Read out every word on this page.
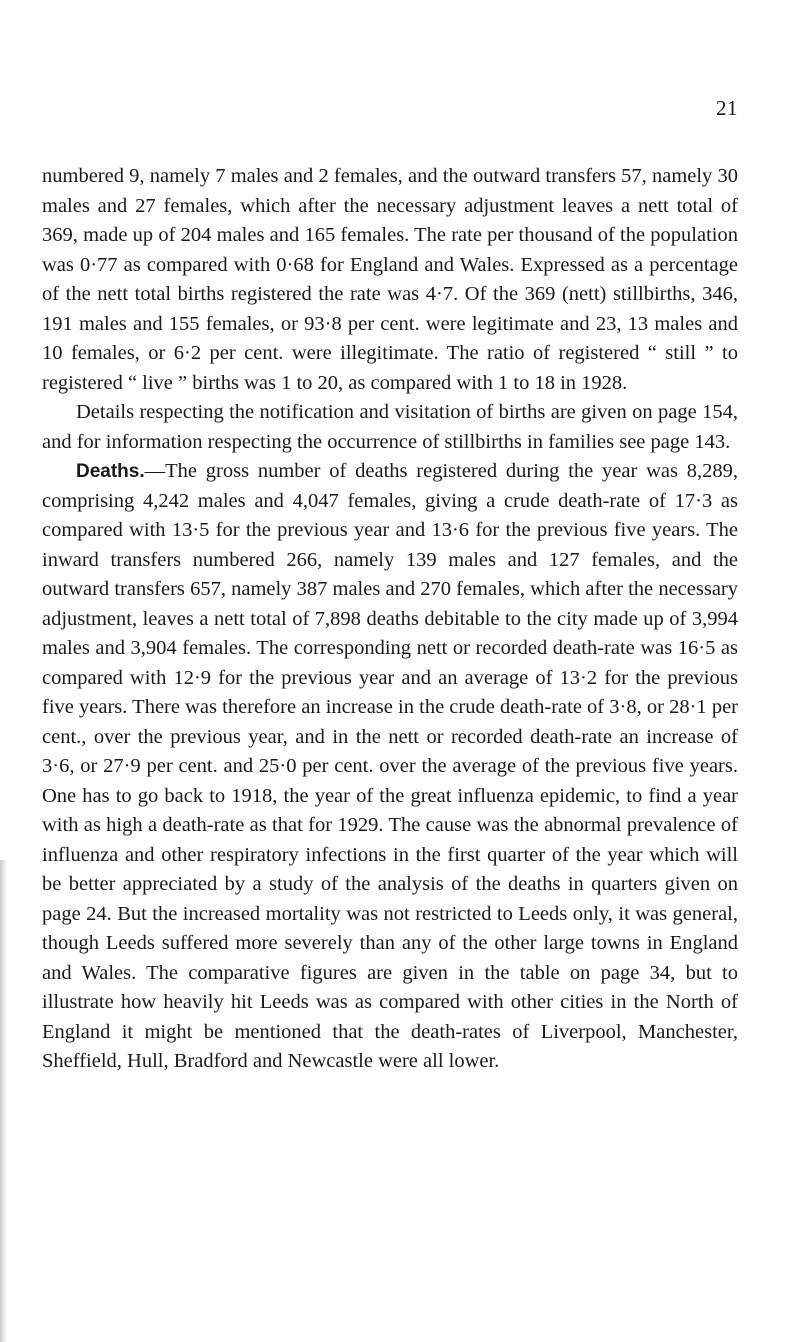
21

numbered 9, namely 7 males and 2 females, and the outward transfers 57, namely 30 males and 27 females, which after the necessary adjustment leaves a nett total of 369, made up of 204 males and 165 females. The rate per thousand of the population was 0·77 as compared with 0·68 for England and Wales. Expressed as a percentage of the nett total births registered the rate was 4·7. Of the 369 (nett) stillbirths, 346, 191 males and 155 females, or 93·8 per cent. were legitimate and 23, 13 males and 10 females, or 6·2 per cent. were illegitimate. The ratio of registered “ still ” to registered “ live ” births was 1 to 20, as compared with 1 to 18 in 1928.

Details respecting the notification and visitation of births are given on page 154, and for information respecting the occurrence of stillbirths in families see page 143.

Deaths.—The gross number of deaths registered during the year was 8,289, comprising 4,242 males and 4,047 females, giving a crude death-rate of 17·3 as compared with 13·5 for the previous year and 13·6 for the previous five years. The inward transfers numbered 266, namely 139 males and 127 females, and the outward transfers 657, namely 387 males and 270 females, which after the necessary adjustment, leaves a nett total of 7,898 deaths debitable to the city made up of 3,994 males and 3,904 females. The corresponding nett or recorded death-rate was 16·5 as compared with 12·9 for the previous year and an average of 13·2 for the previous five years. There was therefore an increase in the crude death-rate of 3·8, or 28·1 per cent., over the previous year, and in the nett or recorded death-rate an increase of 3·6, or 27·9 per cent. and 25·0 per cent. over the average of the previous five years. One has to go back to 1918, the year of the great influenza epidemic, to find a year with as high a death-rate as that for 1929. The cause was the abnormal prevalence of influenza and other respiratory infections in the first quarter of the year which will be better appreciated by a study of the analysis of the deaths in quarters given on page 24. But the increased mortality was not restricted to Leeds only, it was general, though Leeds suffered more severely than any of the other large towns in England and Wales. The comparative figures are given in the table on page 34, but to illustrate how heavily hit Leeds was as compared with other cities in the North of England it might be mentioned that the death-rates of Liverpool, Manchester, Sheffield, Hull, Bradford and Newcastle were all lower.
